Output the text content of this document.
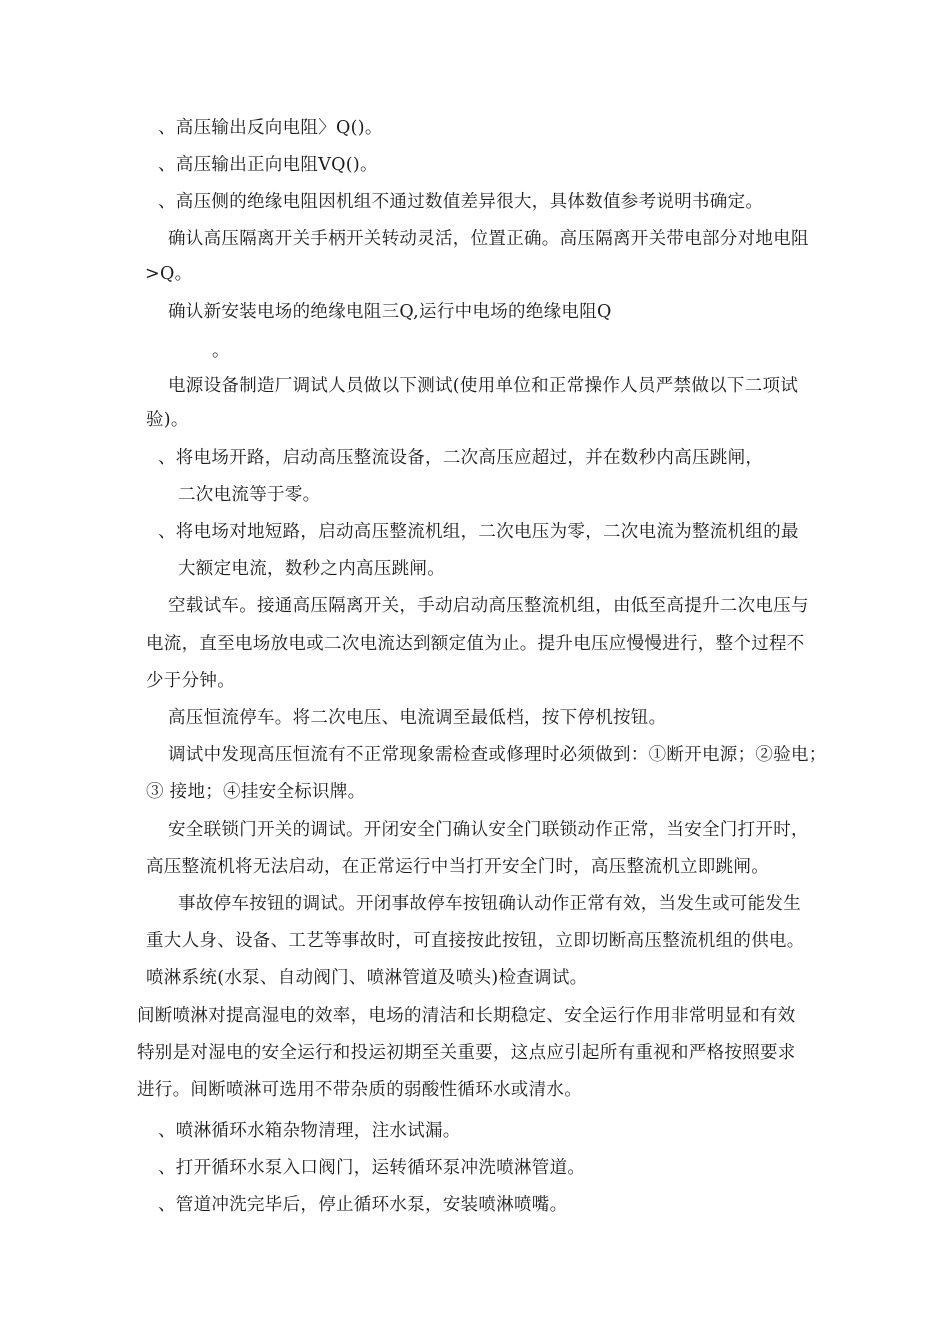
、高压输出反向电阻〉Q()。
、高压输出正向电阻VQ()。
、高压侧的绝缘电阻因机组不通过数值差异很大，具体数值参考说明书确定。
确认高压隔离开关手柄开关转动灵活，位置正确。高压隔离开关带电部分对地电阻
>Q。
确认新安装电场的绝缘电阻三Q,运行中电场的绝缘电阻Q
。
电源设备制造厂调试人员做以下测试(使用单位和正常操作人员严禁做以下二项试
验)。
、将电场开路，启动高压整流设备，二次高压应超过，并在数秒内高压跳闸，
二次电流等于零。
、将电场对地短路，启动高压整流机组，二次电压为零，二次电流为整流机组的最
大额定电流，数秒之内高压跳闸。
空载试车。接通高压隔离开关，手动启动高压整流机组，由低至高提升二次电压与
电流，直至电场放电或二次电流达到额定值为止。提升电压应慢慢进行，整个过程不
少于分钟。
高压恒流停车。将二次电压、电流调至最低档，按下停机按钮。
调试中发现高压恒流有不正常现象需检查或修理时必须做到：①断开电源；②验电；
③ 接地；④挂安全标识牌。
安全联锁门开关的调试。开闭安全门确认安全门联锁动作正常，当安全门打开时，
高压整流机将无法启动，在正常运行中当打开安全门时，高压整流机立即跳闸。
事故停车按钮的调试。开闭事故停车按钮确认动作正常有效，当发生或可能发生
重大人身、设备、工艺等事故时，可直接按此按钮，立即切断高压整流机组的供电。
喷淋系统(水泵、自动阀门、喷淋管道及喷头)检查调试。
间断喷淋对提高湿电的效率，电场的清洁和长期稳定、安全运行作用非常明显和有效
特别是对湿电的安全运行和投运初期至关重要，这点应引起所有重视和严格按照要求
进行。间断喷淋可选用不带杂质的弱酸性循环水或清水。
、喷淋循环水箱杂物清理，注水试漏。
、打开循环水泵入口阀门，运转循环泵冲洗喷淋管道。
、管道冲洗完毕后，停止循环水泵，安装喷淋喷嘴。
